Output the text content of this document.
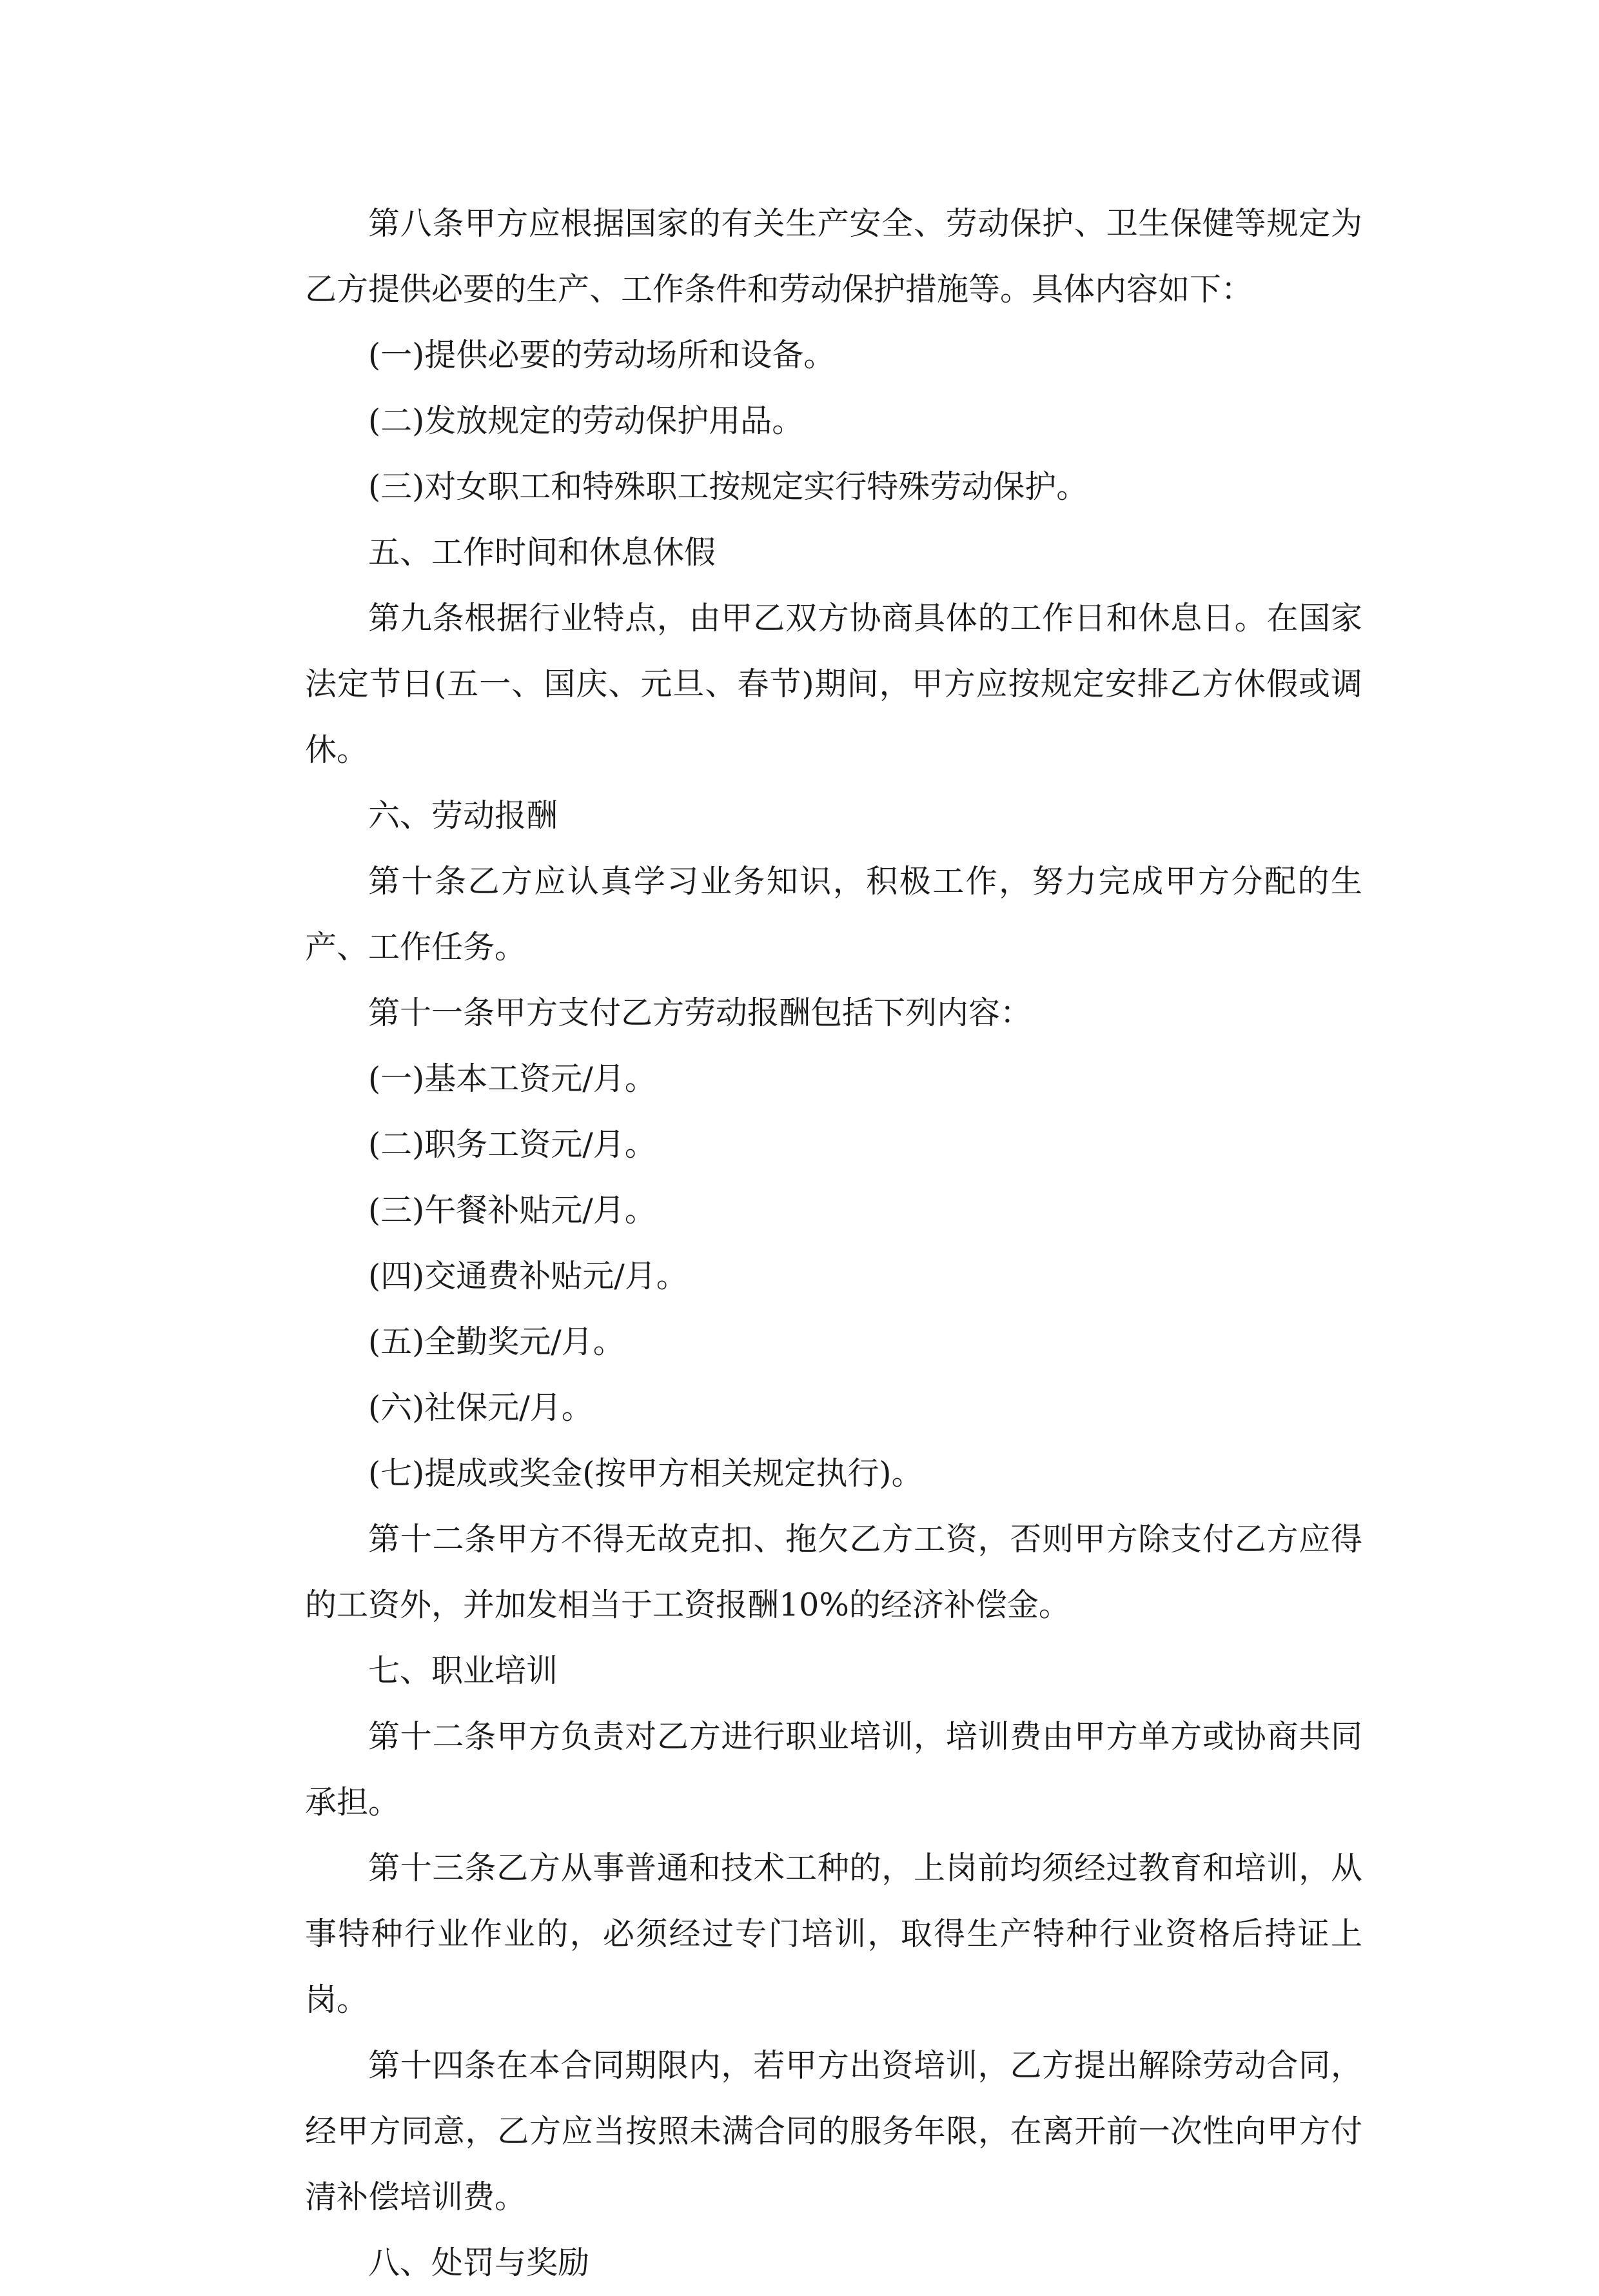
第八条甲方应根据国家的有关生产安全、劳动保护、卫生保健等规定为乙方提供必要的生产、工作条件和劳动保护措施等。具体内容如下：

(一)提供必要的劳动场所和设备。

(二)发放规定的劳动保护用品。

(三)对女职工和特殊职工按规定实行特殊劳动保护。

五、工作时间和休息休假

第九条根据行业特点，由甲乙双方协商具体的工作日和休息日。在国家法定节日(五一、国庆、元旦、春节)期间，甲方应按规定安排乙方休假或调休。

六、劳动报酬

第十条乙方应认真学习业务知识，积极工作，努力完成甲方分配的生产、工作任务。

第十一条甲方支付乙方劳动报酬包括下列内容：

(一)基本工资元/月。

(二)职务工资元/月。

(三)午餐补贴元/月。

(四)交通费补贴元/月。

(五)全勤奖元/月。

(六)社保元/月。

(七)提成或奖金(按甲方相关规定执行)。

第十二条甲方不得无故克扣、拖欠乙方工资，否则甲方除支付乙方应得的工资外，并加发相当于工资报酬10%的经济补偿金。

七、职业培训

第十二条甲方负责对乙方进行职业培训，培训费由甲方单方或协商共同承担。

第十三条乙方从事普通和技术工种的，上岗前均须经过教育和培训，从事特种行业作业的，必须经过专门培训，取得生产特种行业资格后持证上岗。

第十四条在本合同期限内，若甲方出资培训，乙方提出解除劳动合同，经甲方同意，乙方应当按照未满合同的服务年限，在离开前一次性向甲方付清补偿培训费。

八、处罚与奖励
